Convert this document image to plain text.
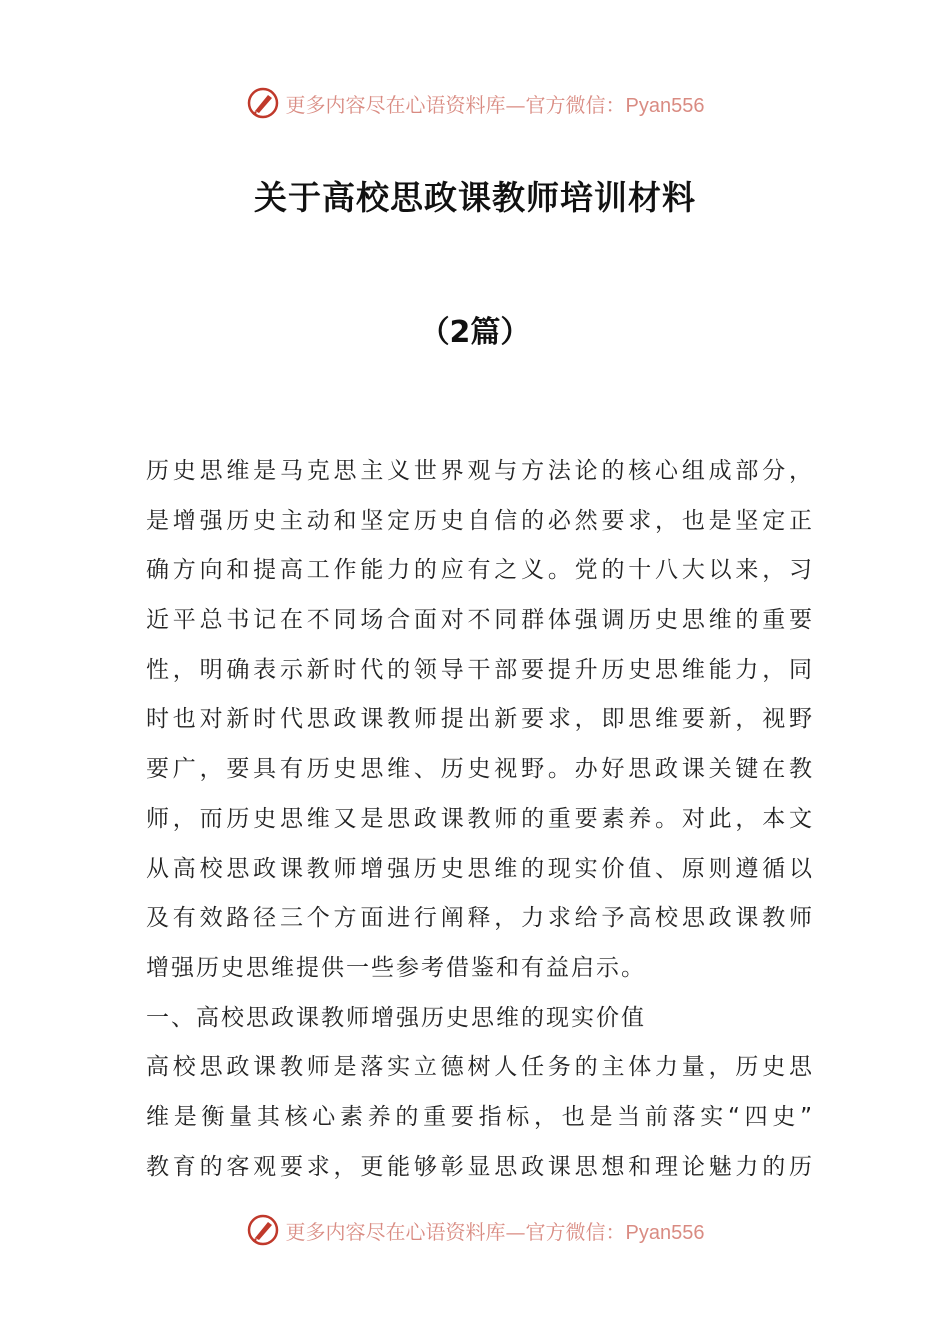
更多内容尽在心语资料库—官方微信：Pyan556
关于高校思政课教师培训材料
（2篇）
历史思维是马克思主义世界观与方法论的核心组成部分，
是增强历史主动和坚定历史自信的必然要求，也是坚定正
确方向和提高工作能力的应有之义。党的十八大以来，习
近平总书记在不同场合面对不同群体强调历史思维的重要
性，明确表示新时代的领导干部要提升历史思维能力，同
时也对新时代思政课教师提出新要求，即思维要新，视野
要广，要具有历史思维、历史视野。办好思政课关键在教
师，而历史思维又是思政课教师的重要素养。对此，本文
从高校思政课教师增强历史思维的现实价值、原则遵循以
及有效路径三个方面进行阐释，力求给予高校思政课教师
增强历史思维提供一些参考借鉴和有益启示。
一、高校思政课教师增强历史思维的现实价值
高校思政课教师是落实立德树人任务的主体力量，历史思
维是衡量其核心素养的重要指标，也是当前落实“四史”
教育的客观要求，更能够彰显思政课思想和理论魅力的历
更多内容尽在心语资料库—官方微信：Pyan556
